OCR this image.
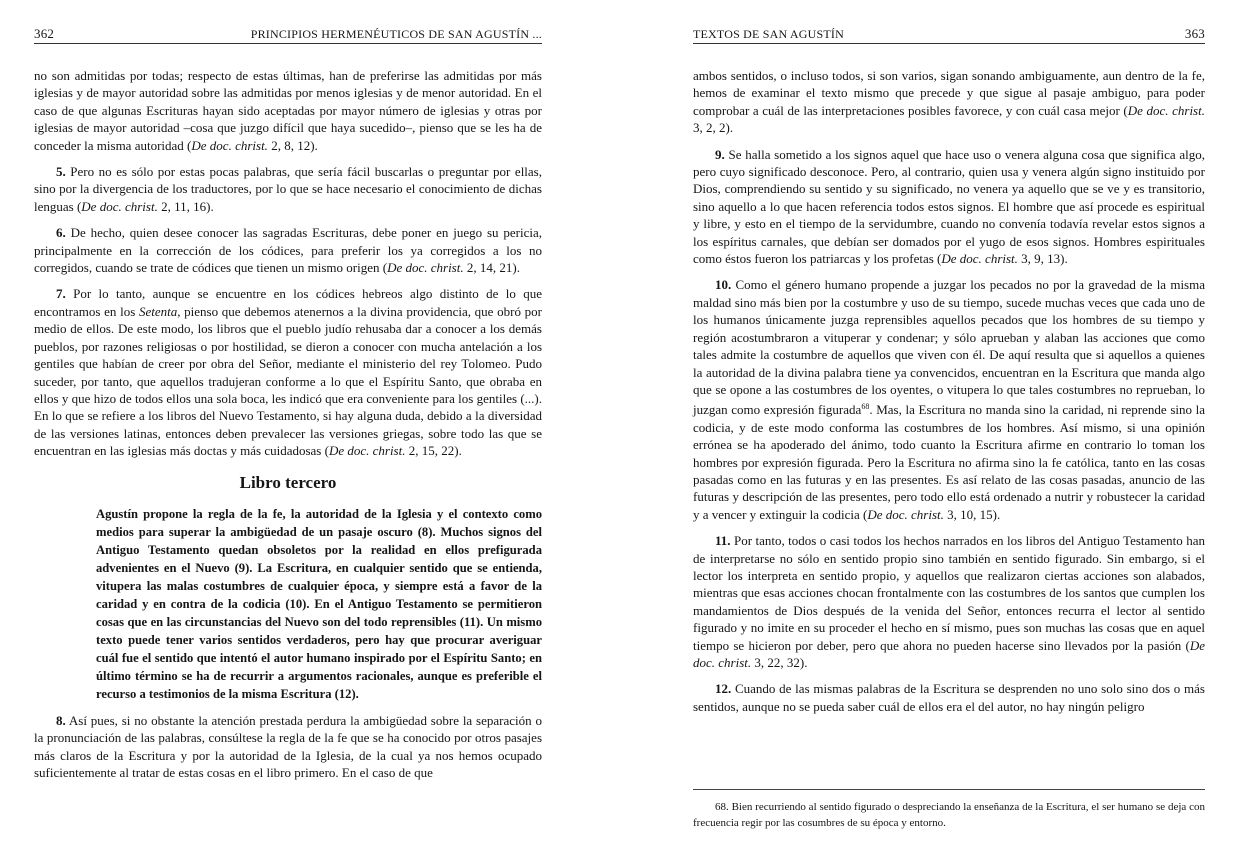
362	PRINCIPIOS HERMENÉUTICOS DE SAN AGUSTÍN ...

no son admitidas por todas; respecto de estas últimas, han de preferirse las admitidas por más iglesias y de mayor autoridad sobre las admitidas por menos iglesias y de menor autoridad. En el caso de que algunas Escrituras hayan sido aceptadas por mayor número de iglesias y otras por iglesias de mayor autoridad –cosa que juzgo difícil que haya sucedido–, pienso que se les ha de conceder la misma autoridad (De doc. christ. 2, 8, 12).

5. Pero no es sólo por estas pocas palabras, que sería fácil buscarlas o preguntar por ellas, sino por la divergencia de los traductores, por lo que se hace necesario el conocimiento de dichas lenguas (De doc. christ. 2, 11, 16).

6. De hecho, quien desee conocer las sagradas Escrituras, debe poner en juego su pericia, principalmente en la corrección de los códices, para preferir los ya corregidos a los no corregidos, cuando se trate de códices que tienen un mismo origen (De doc. christ. 2, 14, 21).

7. Por lo tanto, aunque se encuentre en los códices hebreos algo distinto de lo que encontramos en los Setenta, pienso que debemos atenernos a la divina providencia, que obró por medio de ellos. De este modo, los libros que el pueblo judío rehusaba dar a conocer a los demás pueblos, por razones religiosas o por hostilidad, se dieron a conocer con mucha antelación a los gentiles que habían de creer por obra del Señor, mediante el ministerio del rey Tolomeo. Pudo suceder, por tanto, que aquellos tradujeran conforme a lo que el Espíritu Santo, que obraba en ellos y que hizo de todos ellos una sola boca, les indicó que era conveniente para los gentiles (...). En lo que se refiere a los libros del Nuevo Testamento, si hay alguna duda, debido a la diversidad de las versiones latinas, entonces deben prevalecer las versiones griegas, sobre todo las que se encuentran en las iglesias más doctas y más cuidadosas (De doc. christ. 2, 15, 22).

Libro tercero

Agustín propone la regla de la fe, la autoridad de la Iglesia y el contexto como medios para superar la ambigüedad de un pasaje oscuro (8). Muchos signos del Antiguo Testamento quedan obsoletos por la realidad en ellos prefigurada advenientes en el Nuevo (9). La Escritura, en cualquier sentido que se entienda, vitupera las malas costumbres de cualquier época, y siempre está a favor de la caridad y en contra de la codicia (10). En el Antiguo Testamento se permitieron cosas que en las circunstancias del Nuevo son del todo reprensibles (11). Un mismo texto puede tener varios sentidos verdaderos, pero hay que procurar averiguar cuál fue el sentido que intentó el autor humano inspirado por el Espíritu Santo; en último término se ha de recurrir a argumentos racionales, aunque es preferible el recurso a testimonios de la misma Escritura (12).

8. Así pues, si no obstante la atención prestada perdura la ambigüedad sobre la separación o la pronunciación de las palabras, consúltese la regla de la fe que se ha conocido por otros pasajes más claros de la Escritura y por la autoridad de la Iglesia, de la cual ya nos hemos ocupado suficientemente al tratar de estas cosas en el libro primero. En el caso de que

TEXTOS DE SAN AGUSTÍN	363

ambos sentidos, o incluso todos, si son varios, sigan sonando ambiguamente, aun dentro de la fe, hemos de examinar el texto mismo que precede y que sigue al pasaje ambiguo, para poder comprobar a cuál de las interpretaciones posibles favorece, y con cuál casa mejor (De doc. christ. 3, 2, 2).

9. Se halla sometido a los signos aquel que hace uso o venera alguna cosa que significa algo, pero cuyo significado desconoce. Pero, al contrario, quien usa y venera algún signo instituido por Dios, comprendiendo su sentido y su significado, no venera ya aquello que se ve y es transitorio, sino aquello a lo que hacen referencia todos estos signos. El hombre que así procede es espiritual y libre, y esto en el tiempo de la servidumbre, cuando no convenía todavía revelar estos signos a los espíritus carnales, que debían ser domados por el yugo de esos signos. Hombres espirituales como éstos fueron los patriarcas y los profetas (De doc. christ. 3, 9, 13).

10. Como el género humano propende a juzgar los pecados no por la gravedad de la misma maldad sino más bien por la costumbre y uso de su tiempo, sucede muchas veces que cada uno de los humanos únicamente juzga reprensibles aquellos pecados que los hombres de su tiempo y región acostumbraron a vituperar y condenar; y sólo aprueban y alaban las acciones que como tales admite la costumbre de aquellos que viven con él. De aquí resulta que si aquellos a quienes la autoridad de la divina palabra tiene ya convencidos, encuentran en la Escritura que manda algo que se opone a las costumbres de los oyentes, o vitupera lo que tales costumbres no reprueban, lo juzgan como expresión figurada$^{68}$. Mas, la Escritura no manda sino la caridad, ni reprende sino la codicia, y de este modo conforma las costumbres de los hombres. Así mismo, si una opinión errónea se ha apoderado del ánimo, todo cuanto la Escritura afirme en contrario lo toman los hombres por expresión figurada. Pero la Escritura no afirma sino la fe católica, tanto en las cosas pasadas como en las futuras y en las presentes. Es así relato de las cosas pasadas, anuncio de las futuras y descripción de las presentes, pero todo ello está ordenado a nutrir y robustecer la caridad y a vencer y extinguir la codicia (De doc. christ. 3, 10, 15).

11. Por tanto, todos o casi todos los hechos narrados en los libros del Antiguo Testamento han de interpretarse no sólo en sentido propio sino también en sentido figurado. Sin embargo, si el lector los interpreta en sentido propio, y aquellos que realizaron ciertas acciones son alabados, mientras que esas acciones chocan frontalmente con las costumbres de los santos que cumplen los mandamientos de Dios después de la venida del Señor, entonces recurra el lector al sentido figurado y no imite en su proceder el hecho en sí mismo, pues son muchas las cosas que en aquel tiempo se hicieron por deber, pero que ahora no pueden hacerse sino llevados por la pasión (De doc. christ. 3, 22, 32).

12. Cuando de las mismas palabras de la Escritura se desprenden no uno solo sino dos o más sentidos, aunque no se pueda saber cuál de ellos era el del autor, no hay ningún peligro

68. Bien recurriendo al sentido figurado o despreciando la enseñanza de la Escritura, el ser humano se deja con frecuencia regir por las cosumbres de su época y entorno.
